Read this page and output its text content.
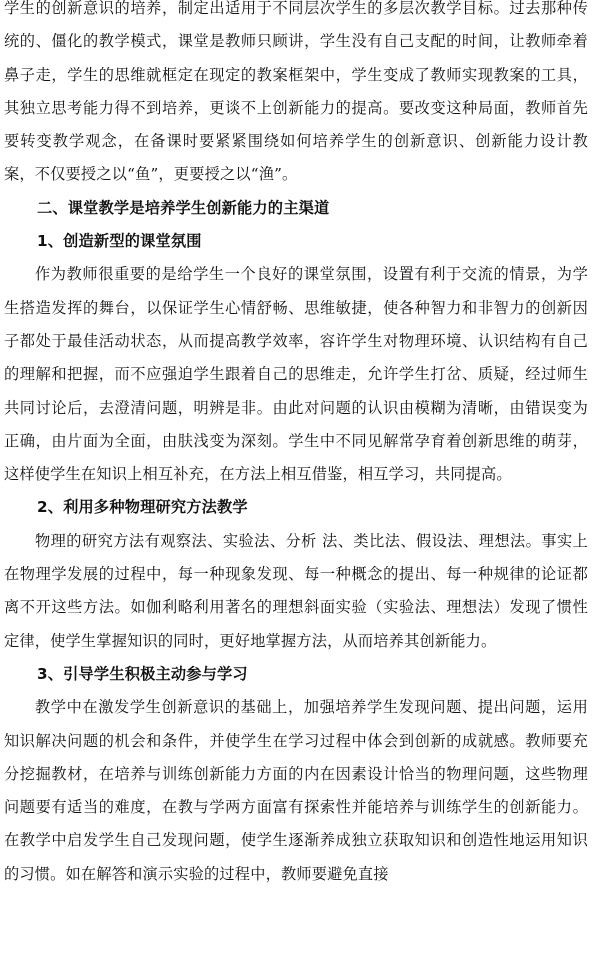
学生的创新意识的培养，制定出适用于不同层次学生的多层次教学目标。过去那种传统的、僵化的教学模式，课堂是教师只顾讲，学生没有自己支配的时间，让教师牵着鼻子走，学生的思维就框定在现定的教案框架中，学生变成了教师实现教案的工具，其独立思考能力得不到培养，更谈不上创新能力的提高。要改变这种局面，教师首先要转变教学观念，在备课时要紧紧围绕如何培养学生的创新意识、创新能力设计教案，不仅要授之以“鱼”，更要授之以“渔”。

二、课堂教学是培养学生创新能力的主渠道

1、创造新型的课堂氛围

作为教师很重要的是给学生一个良好的课堂氛围，设置有利于交流的情景，为学生搭造发挥的舞台，以保证学生心情舒畅、思维敏捷，使各种智力和非智力的创新因子都处于最佳活动状态，从而提高教学效率，容许学生对物理环境、认识结构有自己的理解和把握，而不应强迫学生跟着自己的思维走，允许学生打岔、质疑，经过师生共同讨论后，去澄清问题，明辨是非。由此对问题的认识由模糊为清晰，由错误变为正确，由片面为全面，由肤浅变为深刻。学生中不同见解常孕育着创新思维的萌芽，这样使学生在知识上相互补充，在方法上相互借鉴，相互学习，共同提高。

2、利用多种物理研究方法教学

物理的研究方法有观察法、实验法、分析 法、类比法、假设法、理想法。事实上在物理学发展的过程中，每一种现象发现、每一种概念的提出、每一种规律的论证都离不开这些方法。如伽利略利用著名的理想斜面实验（实验法、理想法）发现了惯性定律，使学生掌握知识的同时，更好地掌握方法，从而培养其创新能力。

3、引导学生积极主动参与学习

教学中在激发学生创新意识的基础上，加强培养学生发现问题、提出问题，运用知识解决问题的机会和条件，并使学生在学习过程中体会到创新的成就感。教师要充分挖掘教材，在培养与训练创新能力方面的内在因素设计恰当的物理问题，这些物理问题要有适当的难度，在教与学两方面富有探索性并能培养与训练学生的创新能力。在教学中启发学生自己发现问题，使学生逐渐养成独立获取知识和创造性地运用知识的习惯。如在解答和演示实验的过程中，教师要避免直接
